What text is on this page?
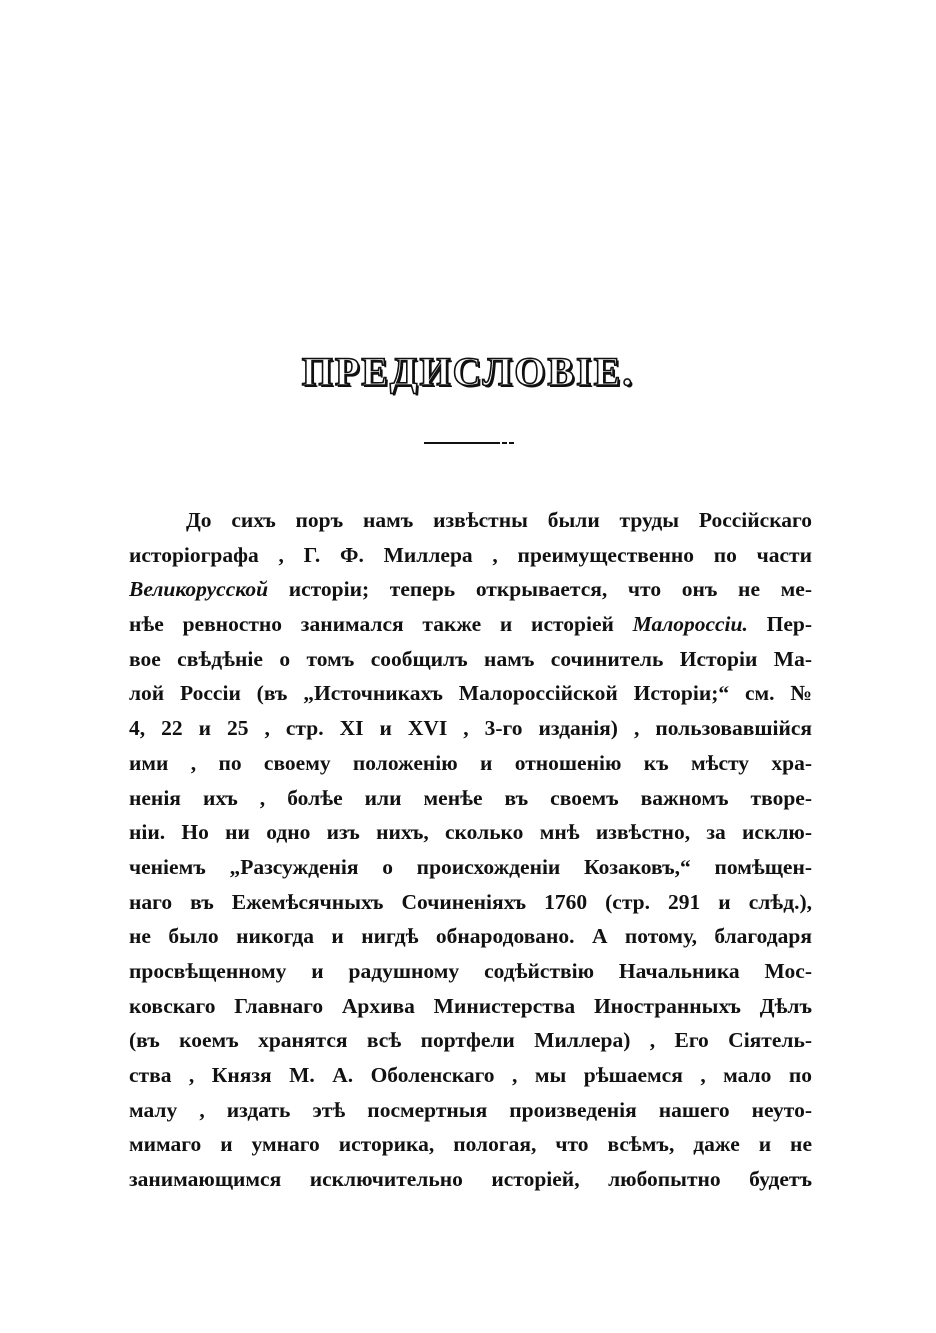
ПРЕДИСЛОВІЕ.
До сихъ поръ намъ извѣстны были труды Россійскаго
исторіографа , Г. Ф. Миллера , преимущественно по части
Великорусской исторіи; теперь открывается, что онъ не ме-
нѣе ревностно занимался также и исторіей Малороссіи. Пер-
вое свѣдѣніе о томъ сообщилъ намъ сочинитель Исторіи Ма-
лой Россіи (въ „Источникахъ Малороссійской Исторіи;“ см. №
4, 22 и 25 , стр. XI и XVI , 3-го изданія) , пользовавшійся
ими , по своему положенію и отношенію къ мѣсту хра-
ненія ихъ , болѣе или менѣе въ своемъ важномъ творе-
ніи. Но ни одно изъ нихъ, сколько мнѣ извѣстно, за исклю-
ченіемъ „Разсужденія о происхожденіи Козаковъ,“ помѣщен-
наго въ Ежемѣсячныхъ Сочиненіяхъ 1760 (стр. 291 и слѣд.),
не было никогда и нигдѣ обнародовано. А потому, благодаря
просвѣщенному и радушному содѣйствію Начальника Мос-
ковскаго Главнаго Архива Министерства Иностранныхъ Дѣлъ
(въ коемъ хранятся всѣ портфели Миллера) , Его Сіятель-
ства , Князя М. А. Оболенскаго , мы рѣшаемся , мало по
малу , издать этѣ посмертныя произведенія нашего неуто-
мимаго и умнаго историка, пологая, что всѣмъ, даже и не
занимающимся исключительно исторіей, любопытно будетъ
